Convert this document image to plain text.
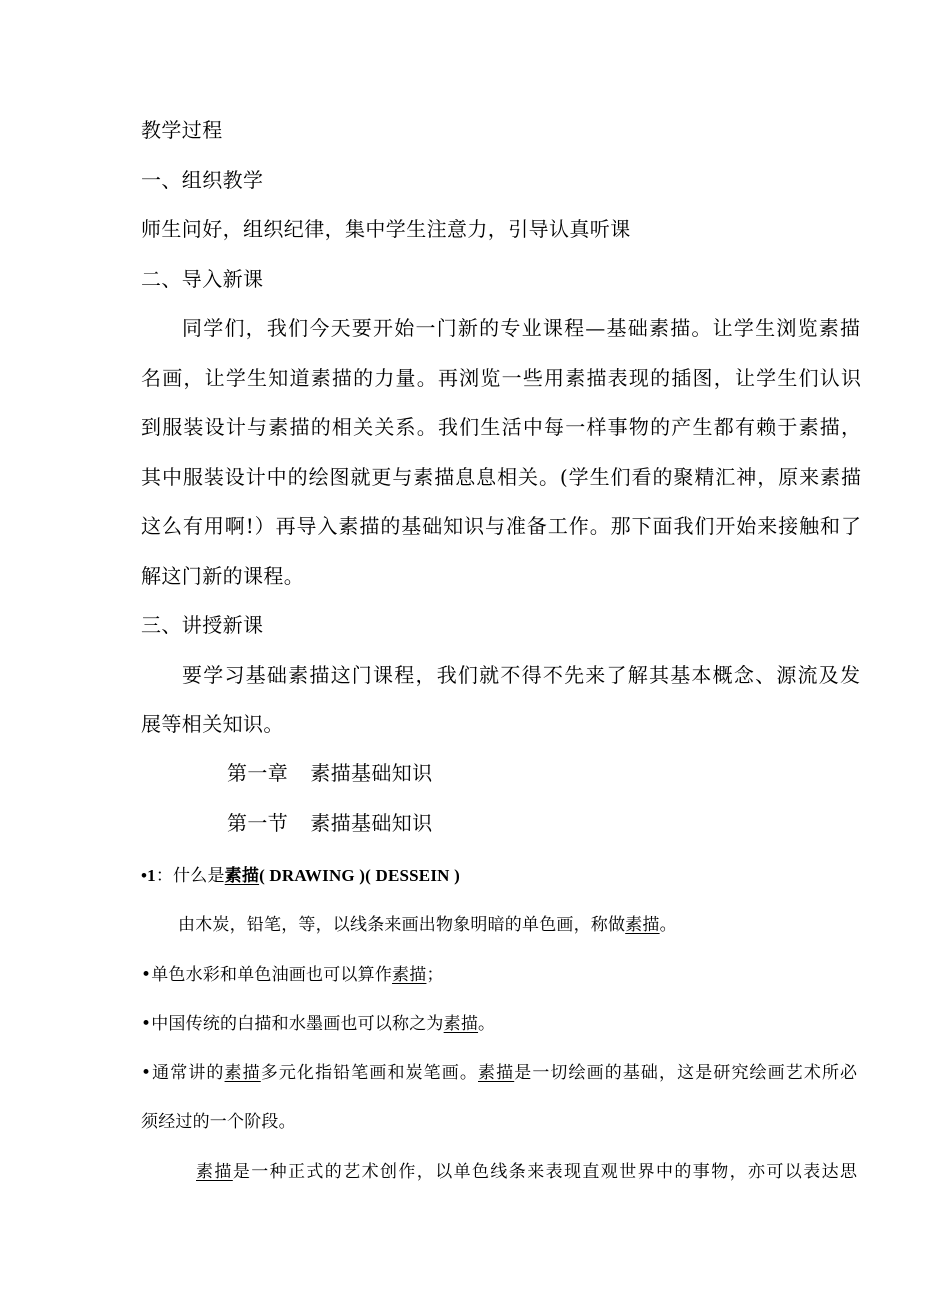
教学过程
一、组织教学
师生问好，组织纪律，集中学生注意力，引导认真听课
二、导入新课
同学们，我们今天要开始一门新的专业课程—基础素描。让学生浏览素描
名画，让学生知道素描的力量。再浏览一些用素描表现的插图，让学生们认识
到服装设计与素描的相关关系。我们生活中每一样事物的产生都有赖于素描，
其中服装设计中的绘图就更与素描息息相关。(学生们看的聚精汇神，原来素描
这么有用啊!）再导入素描的基础知识与准备工作。那下面我们开始来接触和了
解这门新的课程。
三、讲授新课
要学习基础素描这门课程，我们就不得不先来了解其基本概念、源流及发
展等相关知识。
第一章 素描基础知识
第一节 素描基础知识
•1：什么是素描( DRAWING )( DESSEIN )
由木炭，铅笔，等，以线条来画出物象明暗的单色画，称做素描。
•单色水彩和单色油画也可以算作素描；
•中国传统的白描和水墨画也可以称之为素描。
•通常讲的素描多元化指铅笔画和炭笔画。素描是一切绘画的基础，这是研究绘画艺术所必
须经过的一个阶段。
素描是一种正式的艺术创作，以单色线条来表现直观世界中的事物，亦可以表达思
